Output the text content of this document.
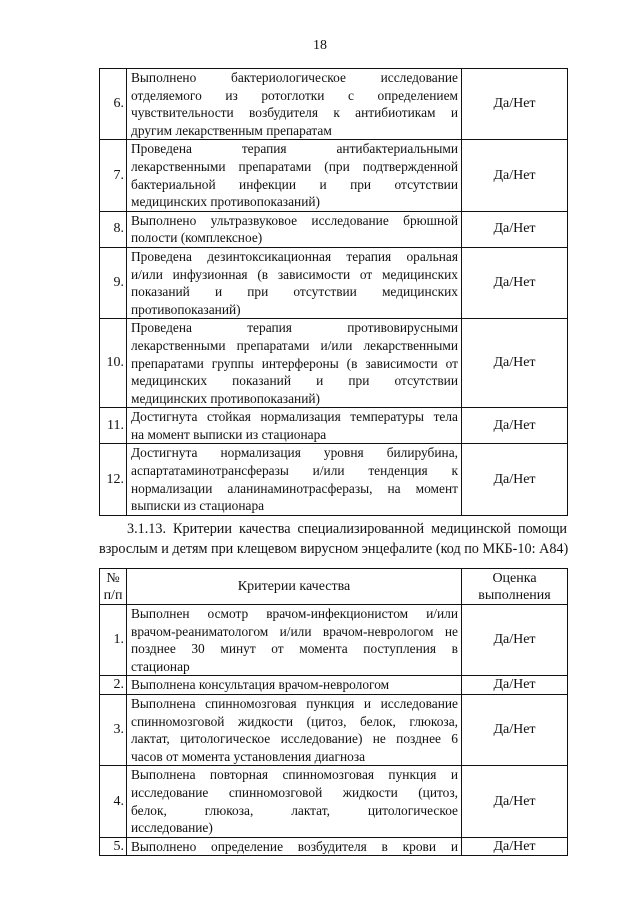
18
6.	Выполнено бактериологическое исследование
отделяемого из ротоглотки с определением
чувствительности возбудителя к антибиотикам и
другим лекарственным препаратам	Да/Нет
7.	Проведена терапия антибактериальными
лекарственными препаратами (при подтвержденной
бактериальной инфекции и при отсутствии
медицинских противопоказаний)	Да/Нет
8.	Выполнено ультразвуковое исследование брюшной
полости (комплексное)	Да/Нет
9.	Проведена дезинтоксикационная терапия оральная
и/или инфузионная (в зависимости от медицинских
показаний и при отсутствии медицинских
противопоказаний)	Да/Нет
10.	Проведена терапия противовирусными
лекарственными препаратами и/или лекарственными
препаратами группы интерфероны (в зависимости от
медицинских показаний и при отсутствии
медицинских противопоказаний)	Да/Нет
11.	Достигнута стойкая нормализация температуры тела
на момент выписки из стационара	Да/Нет
12.	Достигнута нормализация уровня билирубина,
аспартатаминотрансферазы и/или тенденция к
нормализации аланинаминотрасферазы, на момент
выписки из стационара	Да/Нет
3.1.13. Критерии качества специализированной медицинской помощи
взрослым и детям при клещевом вирусном энцефалите (код по МКБ-10: А84)
№
п/п	Критерии качества	Оценка
выполнения
1.	Выполнен осмотр врачом-инфекционистом и/или
врачом-реаниматологом и/или врачом-неврологом не
позднее 30 минут от момента поступления в
стационар	Да/Нет
2.	Выполнена консультация врачом-неврологом	Да/Нет
3.	Выполнена спинномозговая пункция и исследование
спинномозговой жидкости (цитоз, белок, глюкоза,
лактат, цитологическое исследование) не позднее 6
часов от момента установления диагноза	Да/Нет
4.	Выполнена повторная спинномозговая пункция и
исследование спинномозговой жидкости (цитоз,
белок, глюкоза, лактат, цитологическое
исследование)	Да/Нет
5.	Выполнено определение возбудителя в крови и	Да/Нет
